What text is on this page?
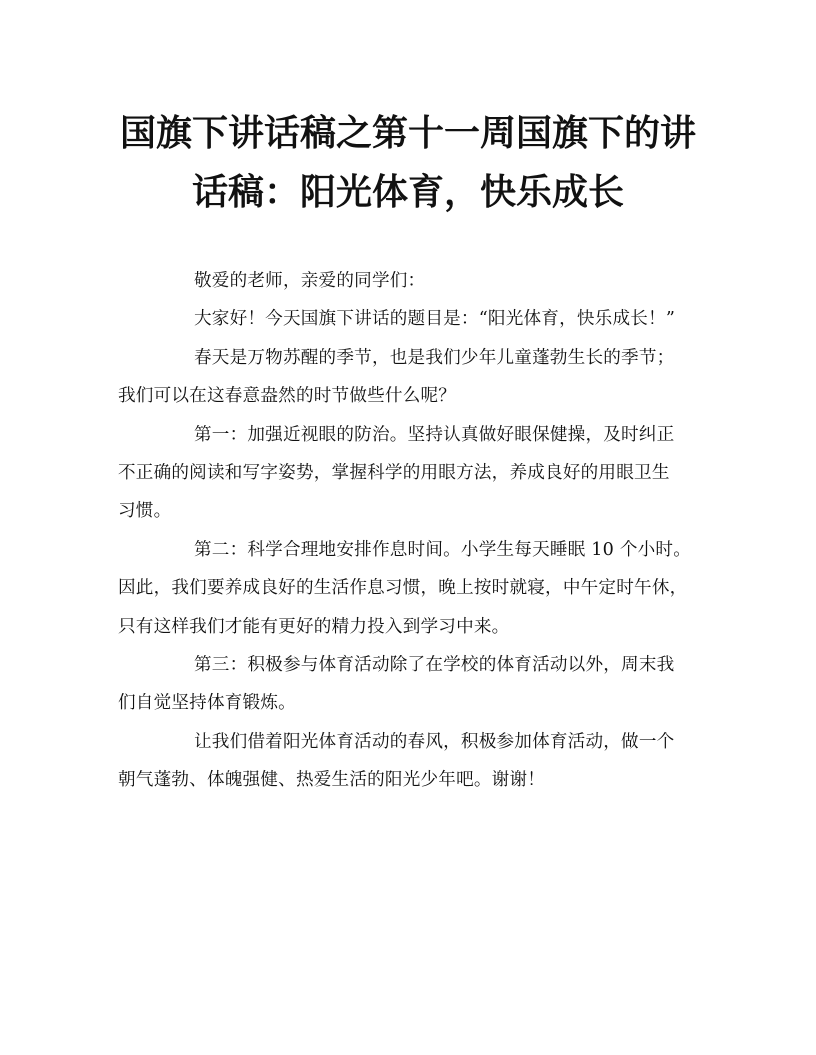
国旗下讲话稿之第十一周国旗下的讲
话稿：阳光体育，快乐成长

敬爱的老师，亲爱的同学们：

大家好！今天国旗下讲话的题目是：“阳光体育，快乐成长！”

春天是万物苏醒的季节，也是我们少年儿童蓬勃生长的季节；

我们可以在这春意盎然的时节做些什么呢？

第一：加强近视眼的防治。坚持认真做好眼保健操，及时纠正

不正确的阅读和写字姿势，掌握科学的用眼方法，养成良好的用眼卫生

习惯。

第二：科学合理地安排作息时间。小学生每天睡眠 10 个小时。

因此，我们要养成良好的生活作息习惯，晚上按时就寝，中午定时午休，

只有这样我们才能有更好的精力投入到学习中来。

第三：积极参与体育活动除了在学校的体育活动以外，周末我

们自觉坚持体育锻炼。

让我们借着阳光体育活动的春风，积极参加体育活动，做一个

朝气蓬勃、体魄强健、热爱生活的阳光少年吧。谢谢！
